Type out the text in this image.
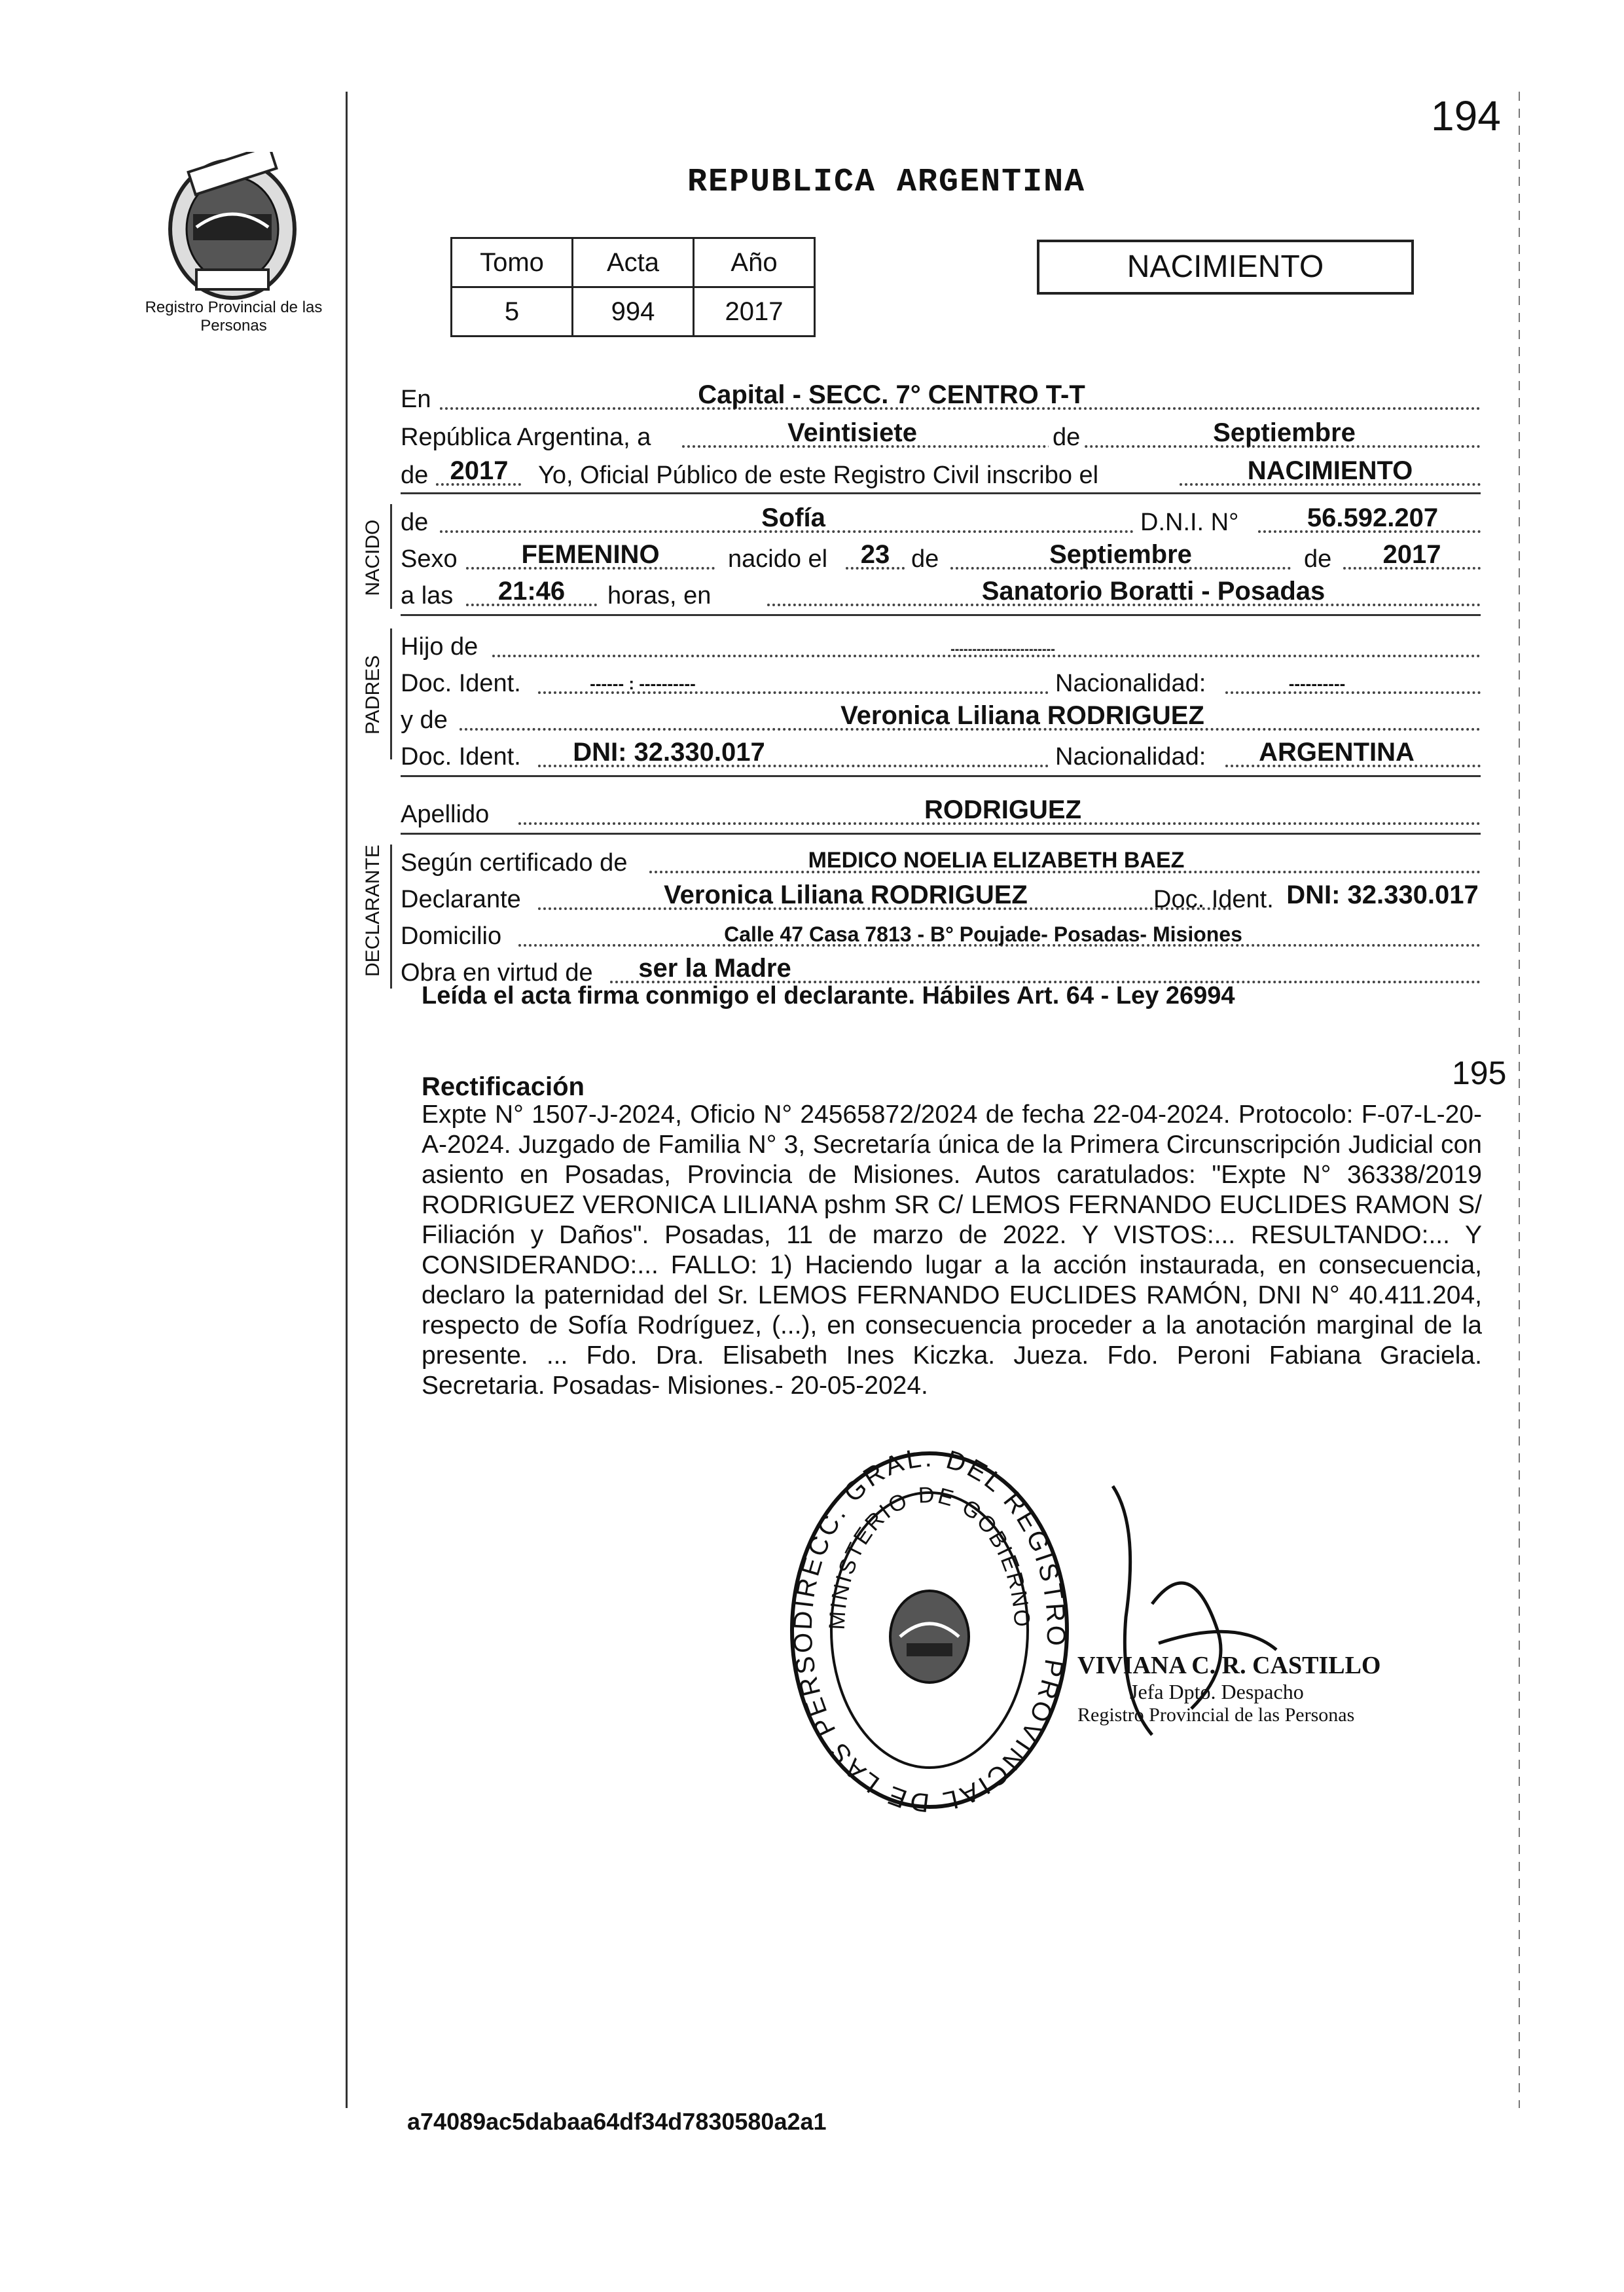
Registro Provincial de las Personas
194
REPUBLICA ARGENTINA
Tomo	Acta	Año
5	994	2017
NACIMIENTO
En	Capital - SECC. 7° CENTRO T-T
República Argentina, a	Veintisiete	de	Septiembre
de 2017	Yo, Oficial Público de este Registro Civil inscribo el	NACIMIENTO
NACIDO de	Sofía	D.N.I. N°	56.592.207
Sexo	FEMENINO	nacido el	23 de	Septiembre	de	2017
a las	21:46	horas, en	Sanatorio Boratti - Posadas
PADRES
Hijo de	------------------------
Doc. Ident.	------ : ----------	Nacionalidad:	----------
y de	Veronica Liliana RODRIGUEZ
Doc. Ident.	DNI: 32.330.017	Nacionalidad:	ARGENTINA
Apellido	RODRIGUEZ
DECLARANTE Según certificado de	MEDICO NOELIA ELIZABETH BAEZ
Declarante	Veronica Liliana RODRIGUEZ	Doc. Ident. DNI: 32.330.017
Domicilio	Calle 47 Casa 7813 - B° Poujade- Posadas- Misiones
Obra en virtud de	ser la Madre
Leída el acta firma conmigo el declarante. Hábiles Art. 64 - Ley 26994
195
Rectificación
Expte N° 1507-J-2024, Oficio N° 24565872/2024 de fecha 22-04-2024. Protocolo: F-07-L-20-A-2024. Juzgado de Familia N° 3, Secretaría única de la Primera Circunscripción Judicial con asiento en Posadas, Provincia de Misiones. Autos caratulados: "Expte N° 36338/2019 RODRIGUEZ VERONICA LILIANA pshm SR C/ LEMOS FERNANDO EUCLIDES RAMON S/ Filiación y Daños". Posadas, 11 de marzo de 2022. Y VISTOS:... RESULTANDO:... Y CONSIDERANDO:... FALLO: 1) Haciendo lugar a la acción instaurada, en consecuencia, declaro la paternidad del Sr. LEMOS FERNANDO EUCLIDES RAMÓN, DNI N° 40.411.204, respecto de Sofía Rodríguez, (...), en consecuencia proceder a la anotación marginal de la presente. ... Fdo. Dra. Elisabeth Ines Kiczka. Jueza. Fdo. Peroni Fabiana Graciela. Secretaria. Posadas- Misiones.- 20-05-2024.
DIRECC. GRAL. DEL REGISTRO PROVINCIAL DE LAS PERSO
MINISTERIO DE GOBIERNO
VIVIANA C. R. CASTILLO
Jefa Dpto. Despacho
Registro Provincial de las Personas
a74089ac5dabaa64df34d7830580a2a1
